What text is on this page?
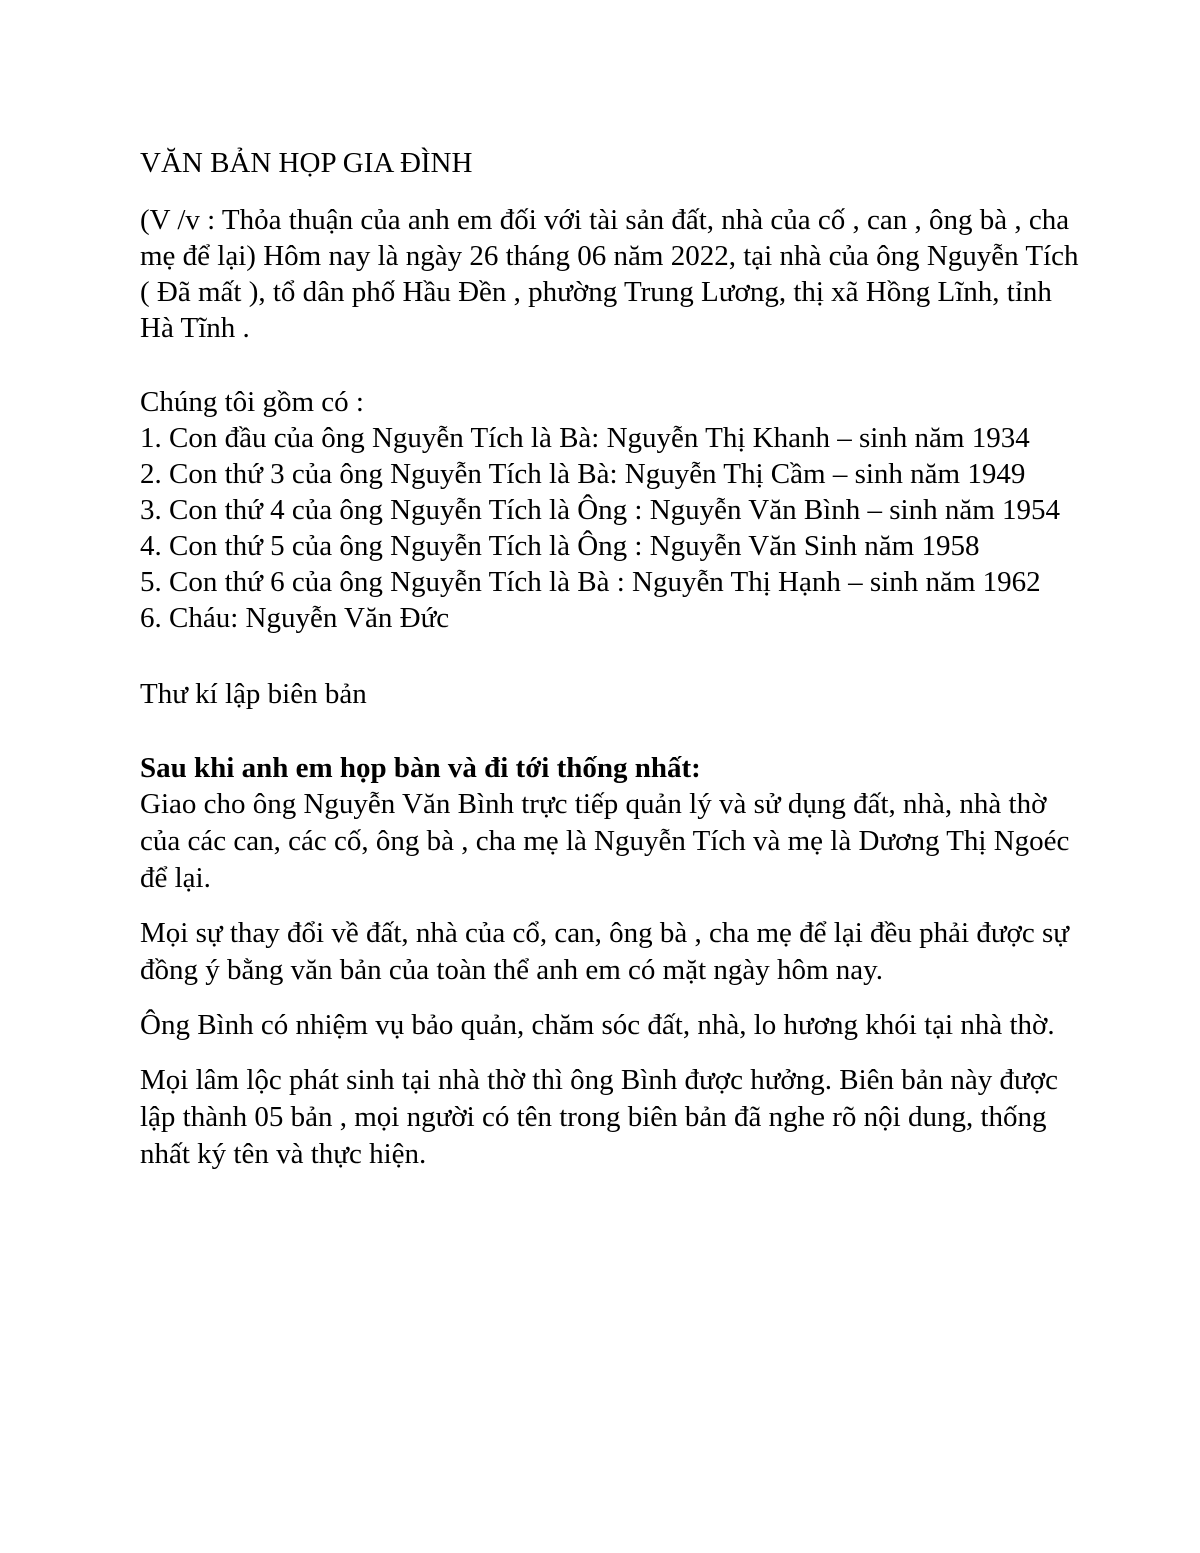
VĂN BẢN HỌP GIA ĐÌNH

(V /v : Thỏa thuận của anh em đối với tài sản đất, nhà của cố , can , ông bà , cha mẹ để lại) Hôm nay là ngày 26 tháng 06 năm 2022, tại nhà của ông Nguyễn Tích ( Đã mất ), tổ dân phố Hầu Đền , phường Trung Lương, thị xã Hồng Lĩnh, tỉnh Hà Tĩnh .

Chúng tôi gồm có :

1. Con đầu của ông Nguyễn Tích là Bà: Nguyễn Thị Khanh – sinh năm 1934
2. Con thứ 3 của ông Nguyễn Tích là Bà: Nguyễn Thị Cầm – sinh năm 1949
3. Con thứ 4 của ông Nguyễn Tích là Ông : Nguyễn Văn Bình – sinh năm 1954
4. Con thứ 5 của ông Nguyễn Tích là Ông : Nguyễn Văn Sinh năm 1958
5. Con thứ 6 của ông Nguyễn Tích là Bà : Nguyễn Thị Hạnh – sinh năm 1962
6. Cháu: Nguyễn Văn Đức

Thư kí lập biên bản

Sau khi anh em họp bàn và đi tới thống nhất:

Giao cho ông Nguyễn Văn Bình trực tiếp quản lý và sử dụng đất, nhà, nhà thờ của các can, các cố, ông bà , cha mẹ là Nguyễn Tích và mẹ là Dương Thị Ngoéc để lại.

Mọi sự thay đổi về đất, nhà của cổ, can, ông bà , cha mẹ để lại đều phải được sự đồng ý bằng văn bản của toàn thể anh em có mặt ngày hôm nay.

Ông Bình có nhiệm vụ bảo quản, chăm sóc đất, nhà, lo hương khói tại nhà thờ.

Mọi lâm lộc phát sinh tại nhà thờ thì ông Bình được hưởng. Biên bản này được lập thành 05 bản , mọi người có tên trong biên bản đã nghe rõ nội dung, thống nhất ký tên và thực hiện.
